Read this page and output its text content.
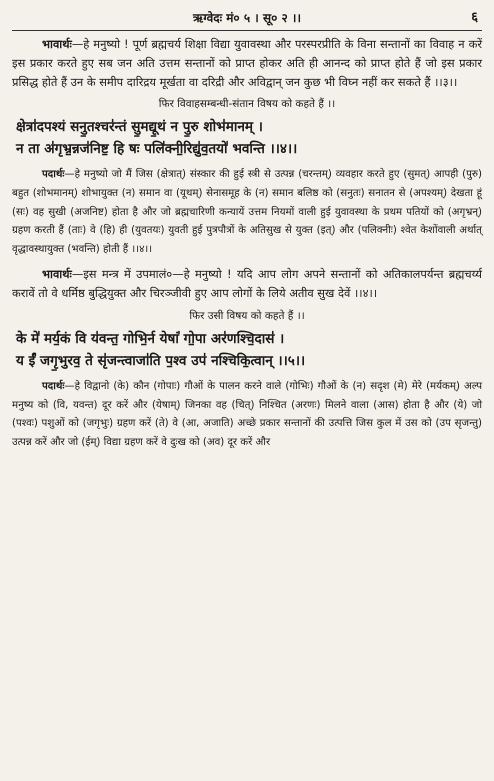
ऋग्वेदः मं० ५ । सू० २ ।।	६

भावार्थः—हे मनुष्यो ! पूर्ण ब्रह्मचर्य शिक्षा विद्या युवावस्था और परस्परप्रीति के विना सन्तानों का विवाह न करें इस प्रकार करते हुए सब जन अति उत्तम सन्तानों को प्राप्त होकर अति ही आनन्द को प्राप्त होते हैं जो इस प्रकार प्रसिद्ध होते हैं उन के समीप दारिद्रय मूर्खता वा दरिद्री और अविद्वान् जन कुछ भी विघ्न नहीं कर सकते हैं ।।३।।

फिर विवाहसम्बन्धी-संतान विषय को कहते हैं ।।

क्षेत्रा॑दपश्यं सनु॒तश्चर॑न्तं सु॒मद्यू॒थं न पु॒रु शोभ॑मानम् ।

न ता अ॑गृभ्र॒न्नज॑निष्ट॒ हि षः पलि॑क्नी॒रिद्यु॑व॒तयो॑ भवन्ति ।।४।।

पदार्थः—हे मनुष्यो जो मैं जिस (क्षेत्रात्) संस्कार की हुई स्त्री से उत्पन्न (चरन्तम्) व्यवहार करते हुए (सुमत्) आपही (पुरु) बहुत (शोभमानम्) शोभायुक्त (न) समान वा (यूथम्) सेनासमूह के (न) समान बलिष्ठ को (सनुतः) सनातन से (अपश्यम्) देखता हूं (सः) वह सुखी (अजनिष्ट) होता है और जो ब्रह्मचारिणी कन्यायें उत्तम नियमों वाली हुई युवावस्था के प्रथम पतियों को (अगृभ्रन्) ग्रहण करती हैं (ताः) वे (हि) ही (युवतयः) युवती हुई पुत्रपौत्रों के अतिसुख से युक्त (इत्) और (पलिक्नीः) श्वेत केशोंवाली अर्थात् वृद्धावस्थायुक्त (भवन्ति) होती हैं ।।४।।

भावार्थः—इस मन्त्र में उपमालं०—हे मनुष्यो ! यदि आप लोग अपने सन्तानों को अतिकालपर्यन्त ब्रह्मचर्य्य करावें तो वे धर्मिष्ठ बुद्धियुक्त और चिरञ्जीवी हुए आप लोगों के लिये अतीव सुख देवें ।।४।।

फिर उसी विषय को कहते हैं ।।

के मे॑ मर्य॒कं वि य॑वन्त॒ गोभि॒र्न येषां॑ गो॒पा अर॑णश्चि॒दास॑ ।

य ईं॑ जगृ॒भुरव॒ ते सृ॑जन्त्वाजा॑ति प॒श्व उप॑ नश्चिकि॒त्वान् ।।५।।

पदार्थः—हे विद्वानो (के) कौन (गोपाः) गौओं के पालन करने वाले (गोभिः) गौओं के (न) सदृश (मे) मेरे (मर्यकम्) अल्प मनुष्य को (वि, यवन्त) दूर करें और (येषाम्) जिनका वह (चित्) निश्चित (अरणः) मिलने वाला (आस) होता है और (ये) जो (पश्वः) पशुओं को (जगृभुः) ग्रहण करें (ते) वे (आ, अजाति) अच्छे प्रकार सन्तानों की उत्पत्ति जिस कुल में उस को (उप सृजन्तु) उत्पन्न करें और जो (ईम्) विद्या ग्रहण करें वे दुःख को (अव) दूर करें और
